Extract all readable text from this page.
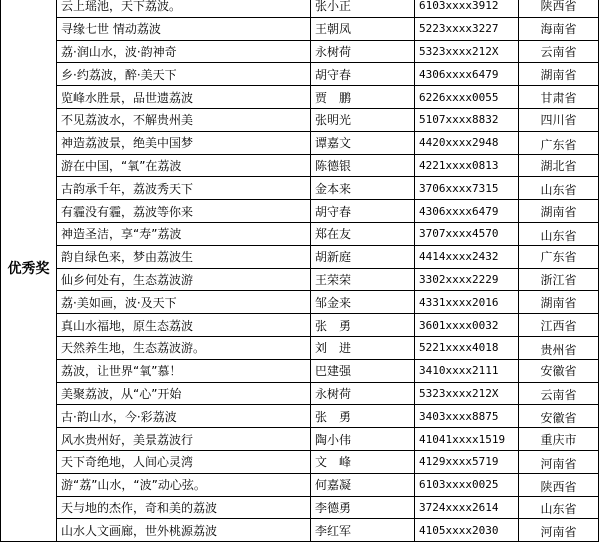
优秀奖	云上瑶池，天下荔波。	张小正	6103xxxx3912	陕西省
	寻缘七世 情动荔波	王朝凤	5223xxxx3227	海南省
	荔·润山水，波·韵神奇	永树荷	5323xxxx212X	云南省
	乡·约荔波，醉·美天下	胡守春	4306xxxx6479	湖南省
	览峰水胜景，品世遗荔波	贾　鹏	6226xxxx0055	甘肃省
	不见荔波水，不解贵州美	张明光	5107xxxx8832	四川省
	神造荔波景，绝美中国梦	谭嘉文	4420xxxx2948	广东省
	游在中国，“氧”在荔波	陈德银	4221xxxx0813	湖北省
	古韵承千年，荔波秀天下	金本来	3706xxxx7315	山东省
	有霾没有霾，荔波等你来	胡守春	4306xxxx6479	湖南省
	神造圣洁，享“寿”荔波	郑在友	3707xxxx4570	山东省
	韵自绿色来，梦由荔波生	胡新庭	4414xxxx2432	广东省
	仙乡何处有，生态荔波游	王荣荣	3302xxxx2229	浙江省
	荔·美如画，波·及天下	邹金来	4331xxxx2016	湖南省
	真山水福地，原生态荔波	张　勇	3601xxxx0032	江西省
	天然养生地，生态荔波游。	刘　进	5221xxxx4018	贵州省
	荔波，让世界“氧”慕！	巴建强	3410xxxx2111	安徽省
	美聚荔波，从“心”开始	永树荷	5323xxxx212X	云南省
	古·韵山水，今·彩荔波	张　勇	3403xxxx8875	安徽省
	风水贵州好，美景荔波行	陶小伟	41041xxxx1519	重庆市
	天下奇绝地，人间心灵湾	文　峰	4129xxxx5719	河南省
	游“荔”山水，“波”动心弦。	何嘉凝	6103xxxx0025	陕西省
	天与地的杰作，奇和美的荔波	李德勇	3724xxxx2614	山东省
	山水人文画廊，世外桃源荔波	李红军	4105xxxx2030	河南省
